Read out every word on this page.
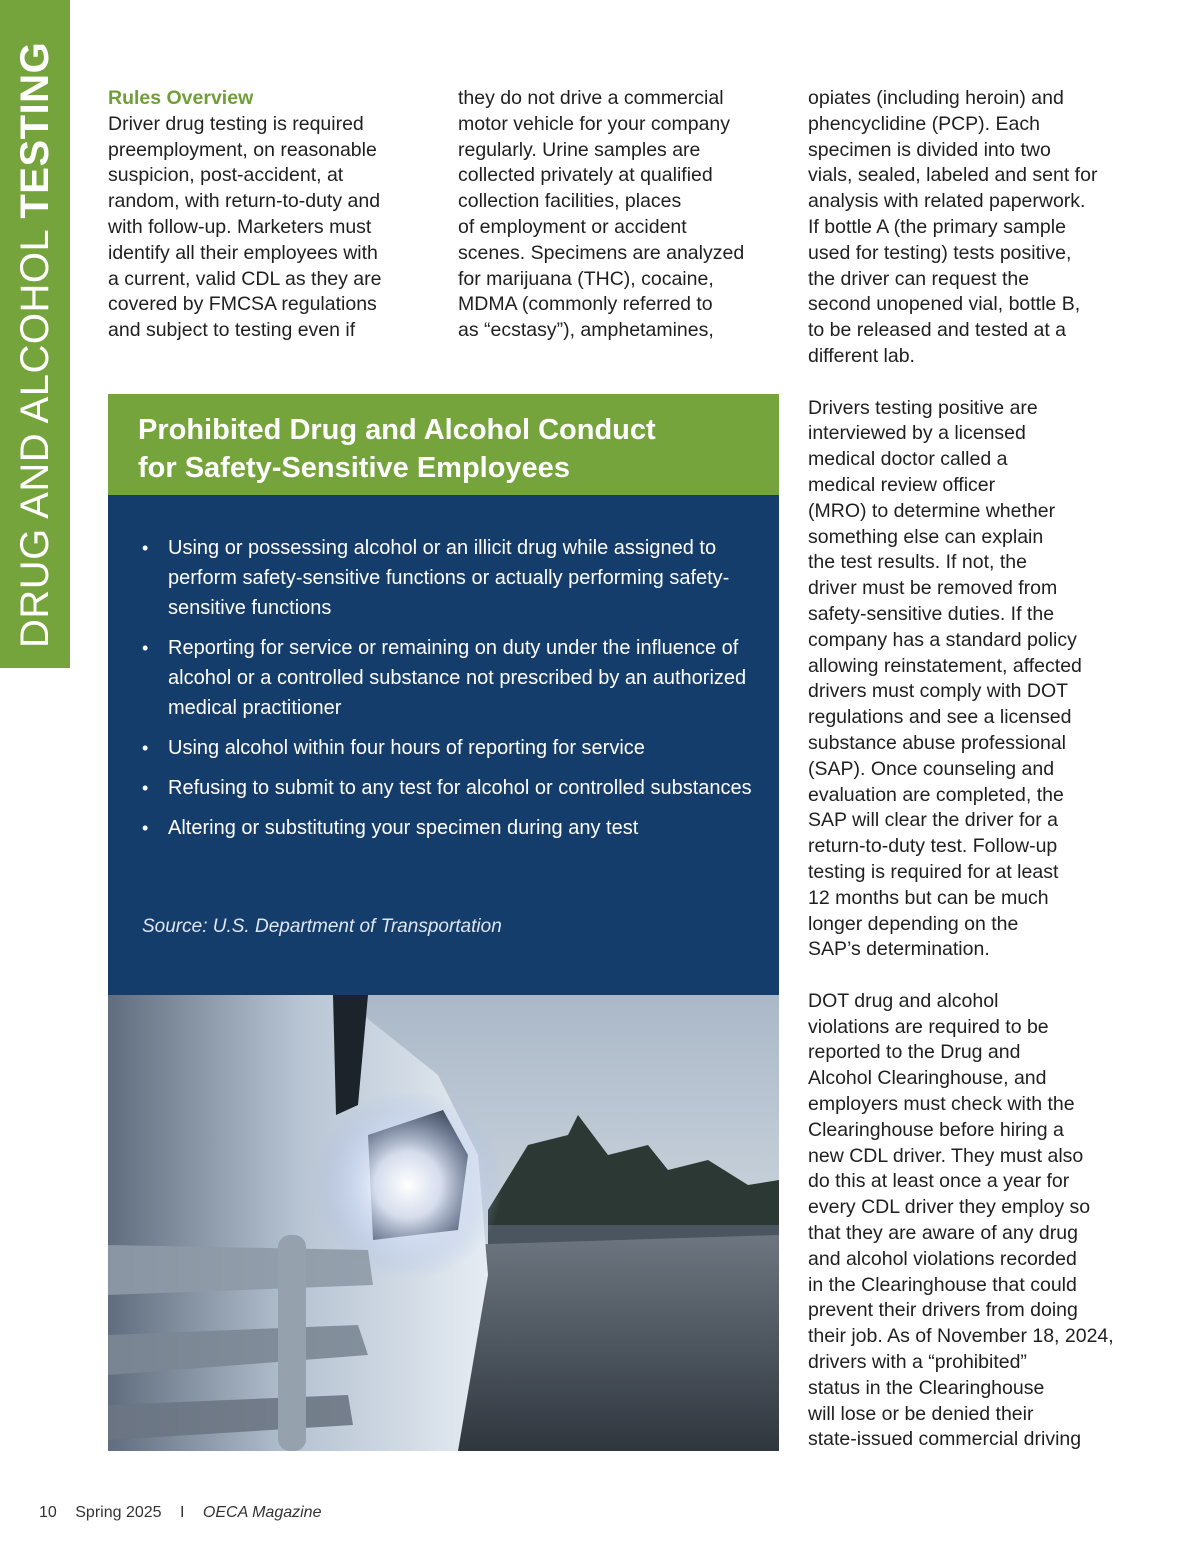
DRUG AND ALCOHOL TESTING	Rules Overview
Driver drug testing is required
preemployment, on reasonable
suspicion, post-accident, at
random, with return-to-duty and
with follow-up. Marketers must
identify all their employees with
a current, valid CDL as they are
covered by FMCSA regulations
and subject to testing even if
they do not drive a commercial
motor vehicle for your company
regularly. Urine samples are
collected privately at qualified
collection facilities, places
of employment or accident
scenes. Specimens are analyzed
for marijuana (THC), cocaine,
MDMA (commonly referred to
as “ecstasy”), amphetamines,

opiates (including heroin) and
phencyclidine (PCP). Each
specimen is divided into two
vials, sealed, labeled and sent for
analysis with related paperwork.
If bottle A (the primary sample
used for testing) tests positive,
the driver can request the
second unopened vial, bottle B,
to be released and tested at a
different lab.

Drivers testing positive are
interviewed by a licensed
medical doctor called a
medical review officer
(MRO) to determine whether
something else can explain
the test results. If not, the
driver must be removed from
safety-sensitive duties. If the
company has a standard policy
allowing reinstatement, affected
drivers must comply with DOT
regulations and see a licensed
substance abuse professional
(SAP). Once counseling and
evaluation are completed, the
SAP will clear the driver for a
return-to-duty test. Follow-up
testing is required for at least
12 months but can be much
longer depending on the
SAP’s determination.

DOT drug and alcohol
violations are required to be
reported to the Drug and
Alcohol Clearinghouse, and
employers must check with the
Clearinghouse before hiring a
new CDL driver. They must also
do this at least once a year for
every CDL driver they employ so
that they are aware of any drug
and alcohol violations recorded
in the Clearinghouse that could
prevent their drivers from doing
their job. As of November 18, 2024,
drivers with a “prohibited”
status in the Clearinghouse
will lose or be denied their
state-issued commercial driving

Prohibited Drug and Alcohol Conduct
for Safety-Sensitive Employees
• Using or possessing alcohol or an illicit drug while assigned to perform safety-sensitive functions or actually performing safety-sensitive functions
• Reporting for service or remaining on duty under the influence of alcohol or a controlled substance not prescribed by an authorized medical practitioner
• Using alcohol within four hours of reporting for service
• Refusing to submit to any test for alcohol or controlled substances
• Altering or substituting your specimen during any test
Source: U.S. Department of Transportation
10 Spring 2025 I OECA Magazine
